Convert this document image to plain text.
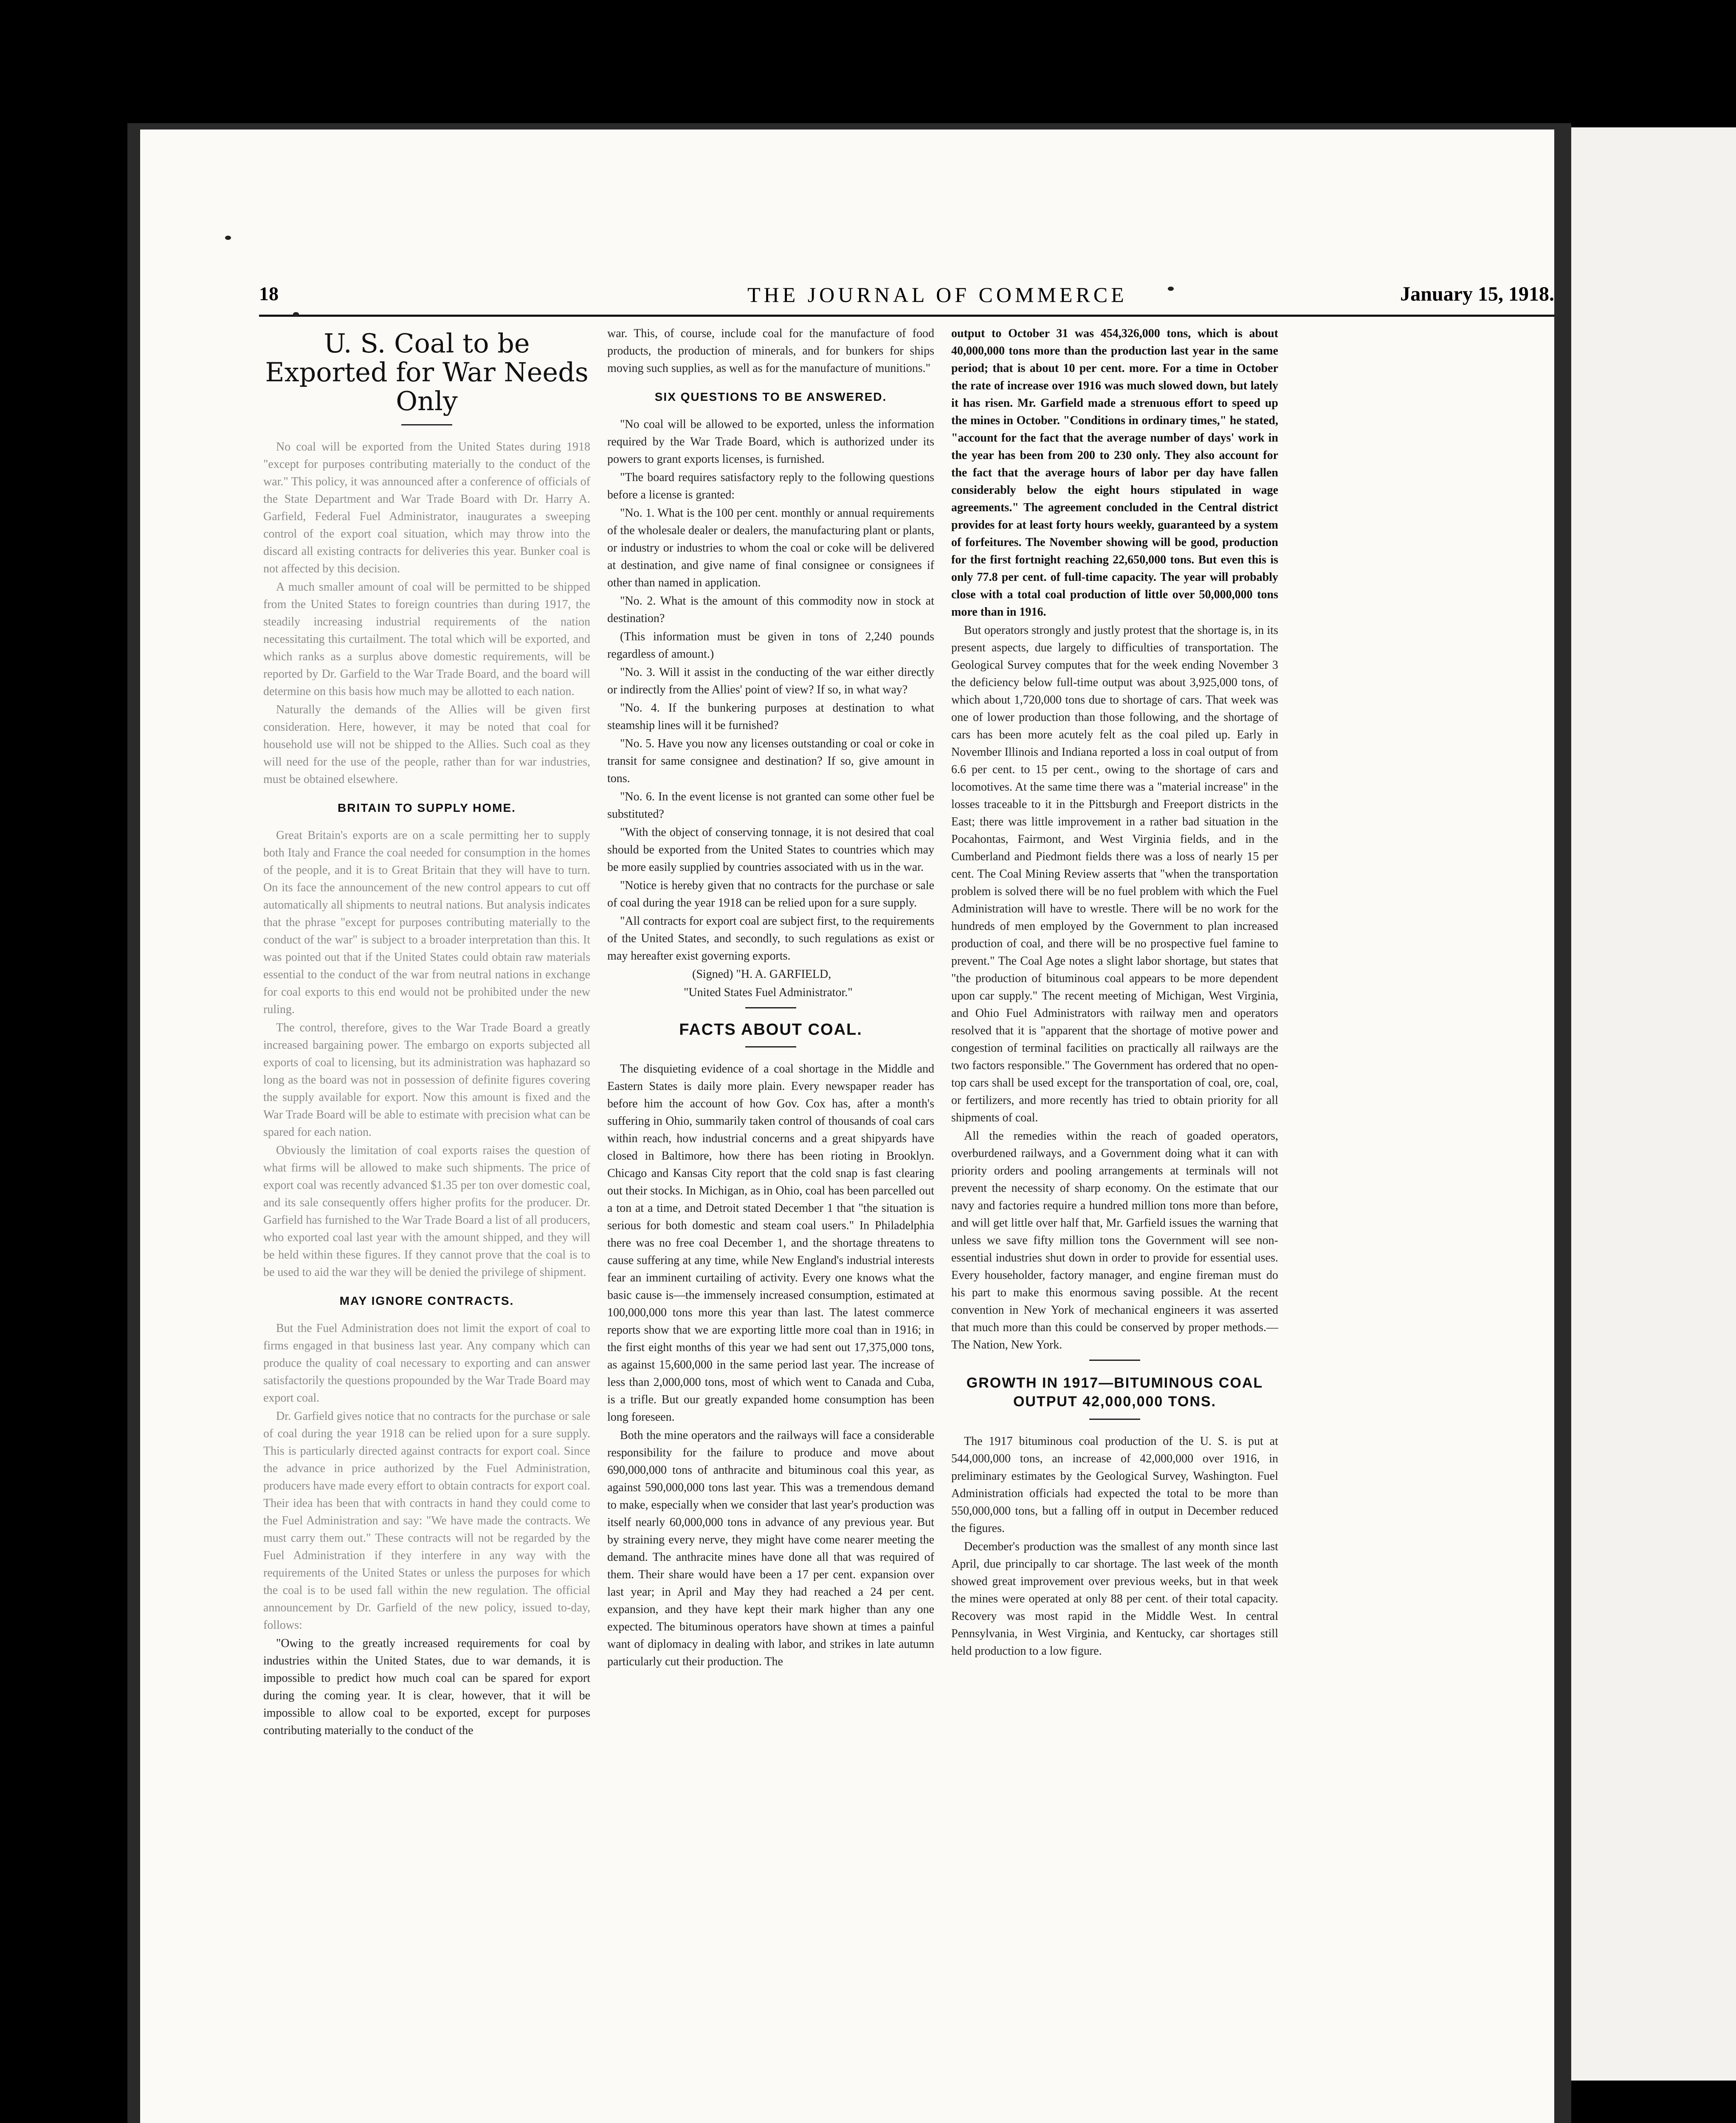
18	THE JOURNAL OF COMMERCE	January 15, 1918.
U. S. Coal to be Exported for War Needs Only

No coal will be exported from the United States during 1918 "except for purposes contributing materially to the conduct of the war." This policy, it was announced after a conference of officials of the State Department and War Trade Board with Dr. Harry A. Garfield, Federal Fuel Administrator, inaugurates a sweeping control of the export coal situation, which may throw into the discard all existing contracts for deliveries this year. Bunker coal is not affected by this decision.

A much smaller amount of coal will be permitted to be shipped from the United States to foreign countries than during 1917, the steadily increasing industrial requirements of the nation necessitating this curtailment. The total which will be exported, and which ranks as a surplus above domestic requirements, will be reported by Dr. Garfield to the War Trade Board, and the board will determine on this basis how much may be allotted to each nation.

Naturally the demands of the Allies will be given first consideration. Here, however, it may be noted that coal for household use will not be shipped to the Allies. Such coal as they will need for the use of the people, rather than for war industries, must be obtained elsewhere.

BRITAIN TO SUPPLY HOME.

Great Britain's exports are on a scale permitting her to supply both Italy and France the coal needed for consumption in the homes of the people, and it is to Great Britain that they will have to turn. On its face the announcement of the new control appears to cut off automatically all shipments to neutral nations. But analysis indicates that the phrase "except for purposes contributing materially to the conduct of the war" is subject to a broader interpretation than this. It was pointed out that if the United States could obtain raw materials essential to the conduct of the war from neutral nations in exchange for coal exports to this end would not be prohibited under the new ruling.

The control, therefore, gives to the War Trade Board a greatly increased bargaining power. The embargo on exports subjected all exports of coal to licensing, but its administration was haphazard so long as the board was not in possession of definite figures covering the supply available for export. Now this amount is fixed and the War Trade Board will be able to estimate with precision what can be spared for each nation.

Obviously the limitation of coal exports raises the question of what firms will be allowed to make such shipments. The price of export coal was recently advanced $1.35 per ton over domestic coal, and its sale consequently offers higher profits for the producer. Dr. Garfield has furnished to the War Trade Board a list of all producers, who exported coal last year with the amount shipped, and they will be held within these figures. If they cannot prove that the coal is to be used to aid the war they will be denied the privilege of shipment.

MAY IGNORE CONTRACTS.

But the Fuel Administration does not limit the export of coal to firms engaged in that business last year. Any company which can produce the quality of coal necessary to exporting and can answer satisfactorily the questions propounded by the War Trade Board may export coal.

Dr. Garfield gives notice that no contracts for the purchase or sale of coal during the year 1918 can be relied upon for a sure supply. This is particularly directed against contracts for export coal. Since the advance in price authorized by the Fuel Administration, producers have made every effort to obtain contracts for export coal. Their idea has been that with contracts in hand they could come to the Fuel Administration and say: "We have made the contracts. We must carry them out." These contracts will not be regarded by the Fuel Administration if they interfere in any way with the requirements of the United States or unless the purposes for which the coal is to be used fall within the new regulation. The official announcement by Dr. Garfield of the new policy, issued to-day, follows:

"Owing to the greatly increased requirements for coal by industries within the United States, due to war demands, it is impossible to predict how much coal can be spared for export during the coming year. It is clear, however, that it will be impossible to allow coal to be exported, except for purposes contributing materially to the conduct of the

war. This, of course, include coal for the manufacture of food products, the production of minerals, and for bunkers for ships moving such supplies, as well as for the manufacture of munitions."

SIX QUESTIONS TO BE ANSWERED.

"No coal will be allowed to be exported, unless the information required by the War Trade Board, which is authorized under its powers to grant exports licenses, is furnished.

"The board requires satisfactory reply to the following questions before a license is granted:

"No. 1. What is the 100 per cent. monthly or annual requirements of the wholesale dealer or dealers, the manufacturing plant or plants, or industry or industries to whom the coal or coke will be delivered at destination, and give name of final consignee or consignees if other than named in application.

"No. 2. What is the amount of this commodity now in stock at destination?

(This information must be given in tons of 2,240 pounds regardless of amount.)

"No. 3. Will it assist in the conducting of the war either directly or indirectly from the Allies' point of view? If so, in what way?

"No. 4. If the bunkering purposes at destination to what steamship lines will it be furnished?

"No. 5. Have you now any licenses outstanding or coal or coke in transit for same consignee and destination? If so, give amount in tons.

"No. 6. In the event license is not granted can some other fuel be substituted?

"With the object of conserving tonnage, it is not desired that coal should be exported from the United States to countries which may be more easily supplied by countries associated with us in the war.

"Notice is hereby given that no contracts for the purchase or sale of coal during the year 1918 can be relied upon for a sure supply.

"All contracts for export coal are subject first, to the requirements of the United States, and secondly, to such regulations as exist or may hereafter exist governing exports.

(Signed) "H. A. GARFIELD,

"United States Fuel Administrator."

FACTS ABOUT COAL.

The disquieting evidence of a coal shortage in the Middle and Eastern States is daily more plain. Every newspaper reader has before him the account of how Gov. Cox has, after a month's suffering in Ohio, summarily taken control of thousands of coal cars within reach, how industrial concerns and a great shipyards have closed in Baltimore, how there has been rioting in Brooklyn. Chicago and Kansas City report that the cold snap is fast clearing out their stocks. In Michigan, as in Ohio, coal has been parcelled out a ton at a time, and Detroit stated December 1 that "the situation is serious for both domestic and steam coal users." In Philadelphia there was no free coal December 1, and the shortage threatens to cause suffering at any time, while New England's industrial interests fear an imminent curtailing of activity. Every one knows what the basic cause is—the immensely increased consumption, estimated at 100,000,000 tons more this year than last. The latest commerce reports show that we are exporting little more coal than in 1916; in the first eight months of this year we had sent out 17,375,000 tons, as against 15,600,000 in the same period last year. The increase of less than 2,000,000 tons, most of which went to Canada and Cuba, is a trifle. But our greatly expanded home consumption has been long foreseen.

Both the mine operators and the railways will face a considerable responsibility for the failure to produce and move about 690,000,000 tons of anthracite and bituminous coal this year, as against 590,000,000 tons last year. This was a tremendous demand to make, especially when we consider that last year's production was itself nearly 60,000,000 tons in advance of any previous year. But by straining every nerve, they might have come nearer meeting the demand. The anthracite mines have done all that was required of them. Their share would have been a 17 per cent. expansion over last year; in April and May they had reached a 24 per cent. expansion, and they have kept their mark higher than any one expected. The bituminous operators have shown at times a painful want of diplomacy in dealing with labor, and strikes in late autumn particularly cut their production. The

output to October 31 was 454,326,000 tons, which is about 40,000,000 tons more than the production last year in the same period; that is about 10 per cent. more. For a time in October the rate of increase over 1916 was much slowed down, but lately it has risen. Mr. Garfield made a strenuous effort to speed up the mines in October. "Conditions in ordinary times," he stated, "account for the fact that the average number of days' work in the year has been from 200 to 230 only. They also account for the fact that the average hours of labor per day have fallen considerably below the eight hours stipulated in wage agreements." The agreement concluded in the Central district provides for at least forty hours weekly, guaranteed by a system of forfeitures. The November showing will be good, production for the first fortnight reaching 22,650,000 tons. But even this is only 77.8 per cent. of full-time capacity. The year will probably close with a total coal production of little over 50,000,000 tons more than in 1916.

But operators strongly and justly protest that the shortage is, in its present aspects, due largely to difficulties of transportation. The Geological Survey computes that for the week ending November 3 the deficiency below full-time output was about 3,925,000 tons, of which about 1,720,000 tons due to shortage of cars. That week was one of lower production than those following, and the shortage of cars has been more acutely felt as the coal piled up. Early in November Illinois and Indiana reported a loss in coal output of from 6.6 per cent. to 15 per cent., owing to the shortage of cars and locomotives. At the same time there was a "material increase" in the losses traceable to it in the Pittsburgh and Freeport districts in the East; there was little improvement in a rather bad situation in the Pocahontas, Fairmont, and West Virginia fields, and in the Cumberland and Piedmont fields there was a loss of nearly 15 per cent. The Coal Mining Review asserts that "when the transportation problem is solved there will be no fuel problem with which the Fuel Administration will have to wrestle. There will be no work for the hundreds of men employed by the Government to plan increased production of coal, and there will be no prospective fuel famine to prevent." The Coal Age notes a slight labor shortage, but states that "the production of bituminous coal appears to be more dependent upon car supply." The recent meeting of Michigan, West Virginia, and Ohio Fuel Administrators with railway men and operators resolved that it is "apparent that the shortage of motive power and congestion of terminal facilities on practically all railways are the two factors responsible." The Government has ordered that no open-top cars shall be used except for the transportation of coal, ore, coal, or fertilizers, and more recently has tried to obtain priority for all shipments of coal.

All the remedies within the reach of goaded operators, overburdened railways, and a Government doing what it can with priority orders and pooling arrangements at terminals will not prevent the necessity of sharp economy. On the estimate that our navy and factories require a hundred million tons more than before, and will get little over half that, Mr. Garfield issues the warning that unless we save fifty million tons the Government will see non-essential industries shut down in order to provide for essential uses. Every householder, factory manager, and engine fireman must do his part to make this enormous saving possible. At the recent convention in New York of mechanical engineers it was asserted that much more than this could be conserved by proper methods.—The Nation, New York.

GROWTH IN 1917—BITUMINOUS COAL OUTPUT 42,000,000 TONS.

The 1917 bituminous coal production of the U. S. is put at 544,000,000 tons, an increase of 42,000,000 over 1916, in preliminary estimates by the Geological Survey, Washington. Fuel Administration officials had expected the total to be more than 550,000,000 tons, but a falling off in output in December reduced the figures.

December's production was the smallest of any month since last April, due principally to car shortage. The last week of the month showed great improvement over previous weeks, but in that week the mines were operated at only 88 per cent. of their total capacity. Recovery was most rapid in the Middle West. In central Pennsylvania, in West Virginia, and Kentucky, car shortages still held production to a low figure.
